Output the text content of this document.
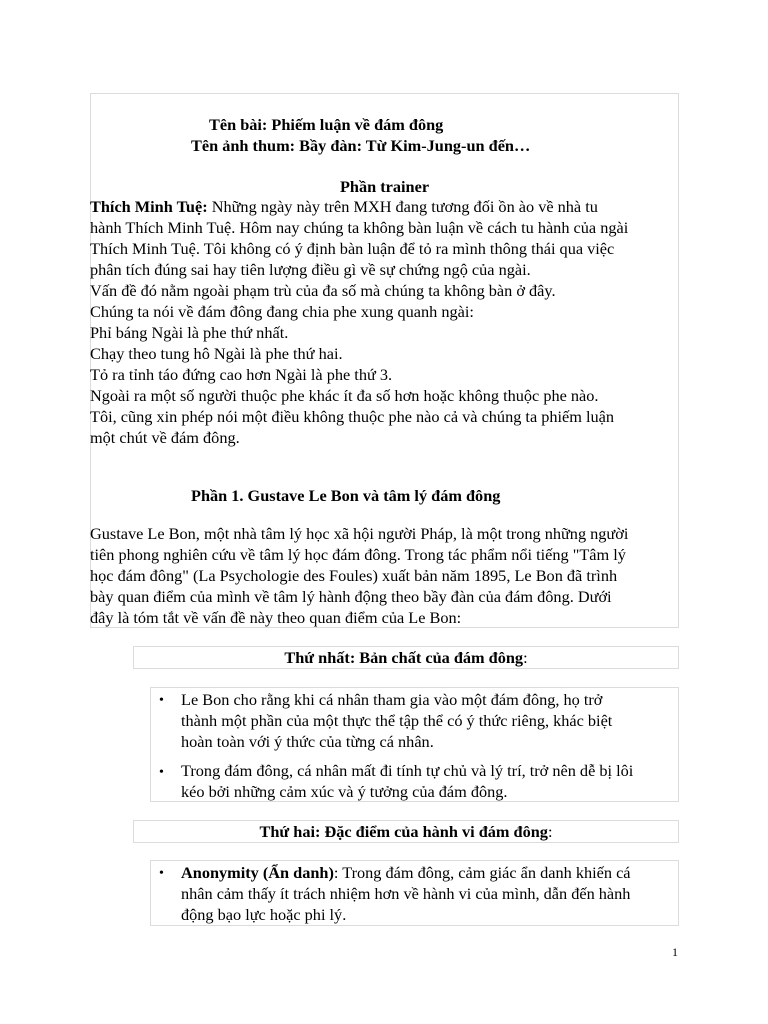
Tên bài: Phiếm luận về đám đông
Tên ảnh thum: Bầy đàn: Từ Kim-Jung-un đến…
Phần trainer
Thích Minh Tuệ: Những ngày này trên MXH đang tương đối ồn ào về nhà tu
hành Thích Minh Tuệ. Hôm nay chúng ta không bàn luận về cách tu hành của ngài
Thích Minh Tuệ. Tôi không có ý định bàn luận để tỏ ra mình thông thái qua việc
phân tích đúng sai hay tiên lượng điều gì về sự chứng ngộ của ngài.
Vấn đề đó nằm ngoài phạm trù của đa số mà chúng ta không bàn ở đây.
Chúng ta nói về đám đông đang chia phe xung quanh ngài:
Phỉ báng Ngài là phe thứ nhất.
Chạy theo tung hô Ngài là phe thứ hai.
Tỏ ra tỉnh táo đứng cao hơn Ngài là phe thứ 3.
Ngoài ra một số người thuộc phe khác ít đa số hơn hoặc không thuộc phe nào.
Tôi, cũng xin phép nói một điều không thuộc phe nào cả và chúng ta phiếm luận
một chút về đám đông.
Phần 1. Gustave Le Bon và tâm lý đám đông
Gustave Le Bon, một nhà tâm lý học xã hội người Pháp, là một trong những người
tiên phong nghiên cứu về tâm lý học đám đông. Trong tác phẩm nổi tiếng "Tâm lý
học đám đông" (La Psychologie des Foules) xuất bản năm 1895, Le Bon đã trình
bày quan điểm của mình về tâm lý hành động theo bầy đàn của đám đông. Dưới
đây là tóm tắt về vấn đề này theo quan điểm của Le Bon:
Thứ nhất: Bản chất của đám đông:
• Le Bon cho rằng khi cá nhân tham gia vào một đám đông, họ trở
thành một phần của một thực thể tập thể có ý thức riêng, khác biệt
hoàn toàn với ý thức của từng cá nhân.
• Trong đám đông, cá nhân mất đi tính tự chủ và lý trí, trở nên dễ bị lôi
kéo bởi những cảm xúc và ý tưởng của đám đông.
Thứ hai: Đặc điểm của hành vi đám đông:
• Anonymity (Ẩn danh): Trong đám đông, cảm giác ẩn danh khiến cá
nhân cảm thấy ít trách nhiệm hơn về hành vi của mình, dẫn đến hành
động bạo lực hoặc phi lý.
1
